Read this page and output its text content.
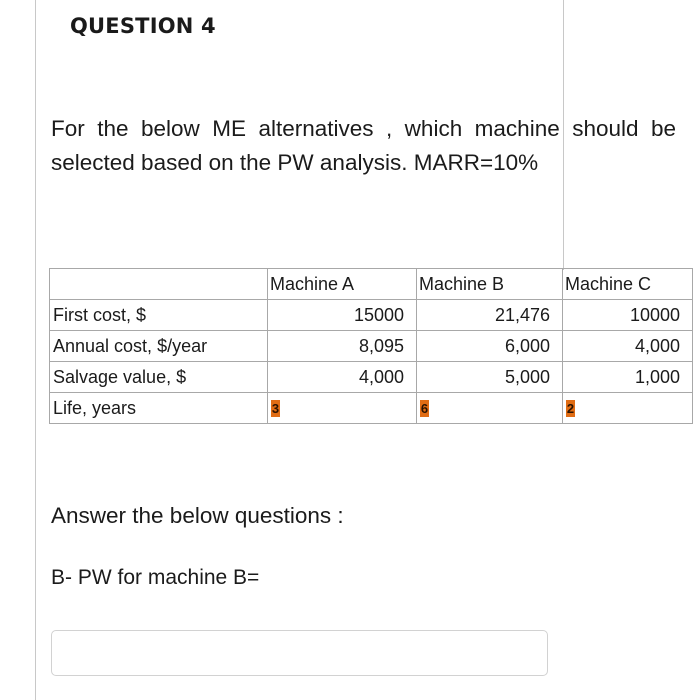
QUESTION 4
For the below ME alternatives , which machine should be selected based on the PW analysis. MARR=10%
	Machine A	Machine B	Machine C
First cost, $	15000	21,476	10000
Annual cost, $/year	8,095	6,000	4,000
Salvage value, $	4,000	5,000	1,000
Life, years	3	6	2
Answer the below questions :
B- PW for machine B=
